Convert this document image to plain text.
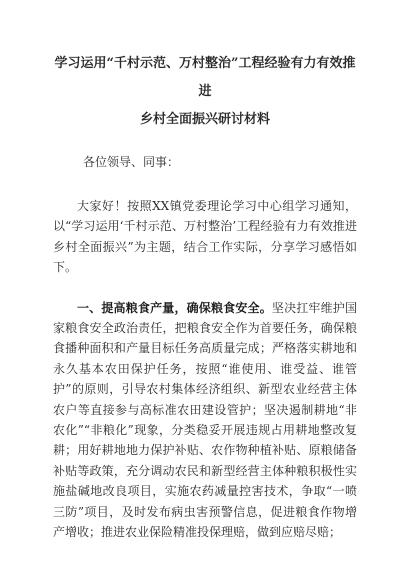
学习运用“千村示范、万村整治”工程经验有力有效推进
乡村全面振兴研讨材料

各位领导、同事：

大家好！按照XX镇党委理论学习中心组学习通知，以“学习运用‘千村示范、万村整治’工程经验有力有效推进乡村全面振兴”为主题，结合工作实际，分享学习感悟如下。

一、提高粮食产量，确保粮食安全。坚决扛牢维护国家粮食安全政治责任，把粮食安全作为首要任务，确保粮食播种面积和产量目标任务高质量完成；严格落实耕地和永久基本农田保护任务，按照“谁使用、谁受益、谁管护”的原则，引导农村集体经济组织、新型农业经营主体农户等直接参与高标准农田建设管护；坚决遏制耕地“非农化”“非粮化”现象，分类稳妥开展违规占用耕地整改复耕；用好耕地地力保护补贴、农作物种植补贴、原粮储备补贴等政策，充分调动农民和新型经营主体种粮积极性实施盐碱地改良项目，实施农药减量控害技术，争取“一喷三防”项目，及时发布病虫害预警信息，促进粮食作物增产增收；推进农业保险精准投保理赔，做到应赔尽赔；
